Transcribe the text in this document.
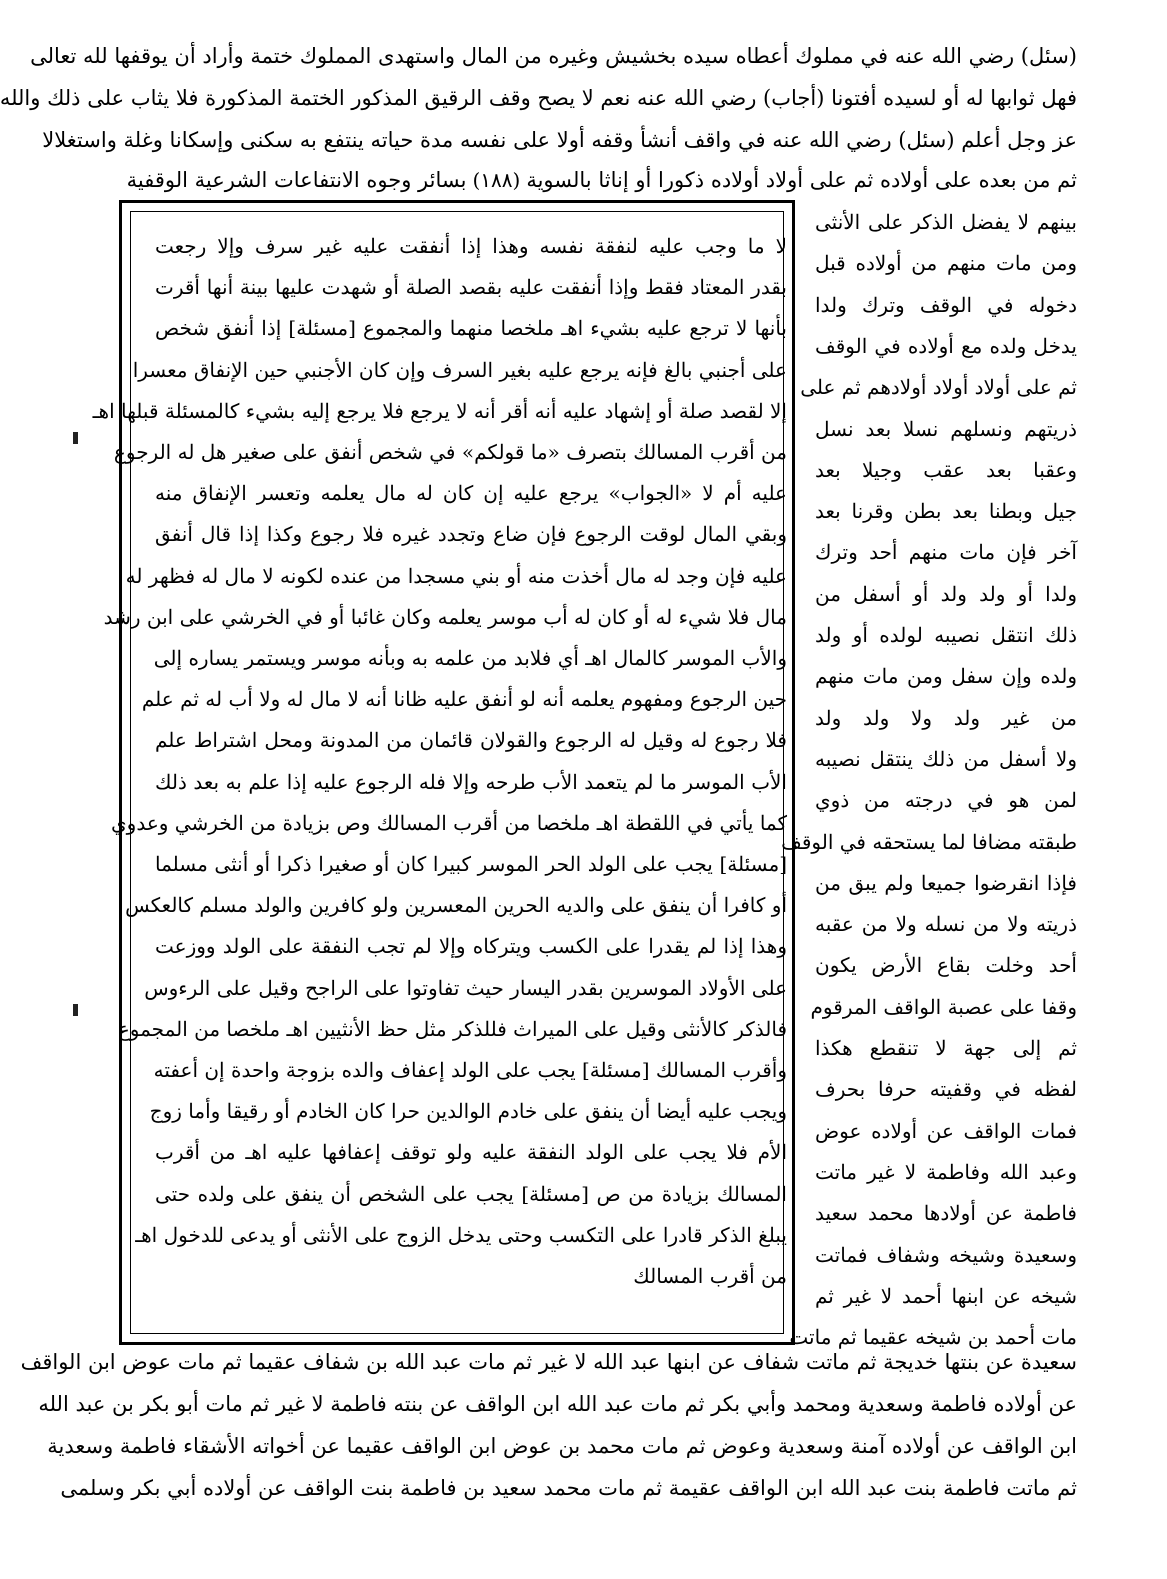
(سئل) رضي الله عنه في مملوك أعطاه سيده بخشيش وغيره من المال واستهدى المملوك ختمة وأراد أن يوقفها لله تعالى

فهل ثوابها له أو لسيده أفتونا (أجاب) رضي الله عنه نعم لا يصح وقف الرقيق المذكور الختمة المذكورة فلا يثاب على ذلك والله

عز وجل أعلم (سئل) رضي الله عنه في واقف أنشأ وقفه أولا على نفسه مدة حياته ينتفع به سكنى وإسكانا وغلة واستغلالا

ثم من بعده على أولاده ثم على أولاد أولاده ذكورا أو إناثا بالسوية
(١٨٨)
بسائر وجوه الانتفاعات الشرعية الوقفية

بينهم لا يفضل الذكر على الأنثى

ومن مات منهم من أولاده قبل

دخوله في الوقف وترك ولدا

يدخل ولده مع أولاده في الوقف

ثم على أولاد أولاد أولادهم ثم على

ذريتهم ونسلهم نسلا بعد نسل

وعقبا بعد عقب وجيلا بعد

جيل وبطنا بعد بطن وقرنا بعد

آخر فإن مات منهم أحد وترك

ولدا أو ولد ولد أو أسفل من

ذلك انتقل نصيبه لولده أو ولد

ولده وإن سفل ومن مات منهم

من غير ولد ولا ولد ولد

ولا أسفل من ذلك ينتقل نصيبه

لمن هو في درجته من ذوي

طبقته مضافا لما يستحقه في الوقف

فإذا انقرضوا جميعا ولم يبق من

ذريته ولا من نسله ولا من عقبه

أحد وخلت بقاع الأرض يكون

وقفا على عصبة الواقف المرقوم

ثم إلى جهة لا تنقطع هكذا

لفظه في وقفيته حرفا بحرف

فمات الواقف عن أولاده عوض

وعبد الله وفاطمة لا غير ماتت

فاطمة عن أولادها محمد سعيد

وسعيدة وشيخه وشفاف فماتت

شيخه عن ابنها أحمد لا غير ثم

مات أحمد بن شيخه عقيما ثم ماتت

لا ما وجب عليه لنفقة نفسه وهذا إذا أنفقت عليه غير سرف وإلا رجعت

بقدر المعتاد فقط وإذا أنفقت عليه بقصد الصلة أو شهدت عليها بينة أنها أقرت

بأنها لا ترجع عليه بشيء اهـ ملخصا منهما والمجموع [مسئلة] إذا أنفق شخص

على أجنبي بالغ فإنه يرجع عليه بغير السرف وإن كان الأجنبي حين الإنفاق معسرا

إلا لقصد صلة أو إشهاد عليه أنه أقر أنه لا يرجع فلا يرجع إليه بشيء كالمسئلة قبلها اهـ

من أقرب المسالك بتصرف «ما قولكم» في شخص أنفق على صغير هل له الرجوع

عليه أم لا «الجواب» يرجع عليه إن كان له مال يعلمه وتعسر الإنفاق منه

وبقي المال لوقت الرجوع فإن ضاع وتجدد غيره فلا رجوع وكذا إذا قال أنفق

عليه فإن وجد له مال أخذت منه أو بني مسجدا من عنده لكونه لا مال له فظهر له

مال فلا شيء له أو كان له أب موسر يعلمه وكان غائبا أو في الخرشي على ابن رشد

والأب الموسر كالمال اهـ أي فلابد من علمه به وبأنه موسر ويستمر يساره إلى

حين الرجوع ومفهوم يعلمه أنه لو أنفق عليه ظانا أنه لا مال له ولا أب له ثم علم

فلا رجوع له وقيل له الرجوع والقولان قائمان من المدونة ومحل اشتراط علم

الأب الموسر ما لم يتعمد الأب طرحه وإلا فله الرجوع عليه إذا علم به بعد ذلك

كما يأتي في اللقطة اهـ ملخصا من أقرب المسالك وص بزيادة من الخرشي وعدوي

[مسئلة] يجب على الولد الحر الموسر كبيرا كان أو صغيرا ذكرا أو أنثى مسلما

أو كافرا أن ينفق على والديه الحرين المعسرين ولو كافرين والولد مسلم كالعكس

وهذا إذا لم يقدرا على الكسب ويتركاه وإلا لم تجب النفقة على الولد ووزعت

على الأولاد الموسرين بقدر اليسار حيث تفاوتوا على الراجح وقيل على الرءوس

فالذكر كالأنثى وقيل على الميراث فللذكر مثل حظ الأنثيين اهـ ملخصا من المجموع

وأقرب المسالك [مسئلة] يجب على الولد إعفاف والده بزوجة واحدة إن أعفته

ويجب عليه أيضا أن ينفق على خادم الوالدين حرا كان الخادم أو رقيقا وأما زوج

الأم فلا يجب على الولد النفقة عليه ولو توقف إعفافها عليه اهـ من أقرب

المسالك بزيادة من ص [مسئلة] يجب على الشخص أن ينفق على ولده حتى

يبلغ الذكر قادرا على التكسب وحتى يدخل الزوج على الأنثى أو يدعى للدخول اهـ

من أقرب المسالك

سعيدة عن بنتها خديجة ثم ماتت شفاف عن ابنها عبد الله لا غير ثم مات عبد الله بن شفاف عقيما ثم مات عوض ابن الواقف

عن أولاده فاطمة وسعدية ومحمد وأبي بكر ثم مات عبد الله ابن الواقف عن بنته فاطمة لا غير ثم مات أبو بكر بن عبد الله

ابن الواقف عن أولاده آمنة وسعدية وعوض ثم مات محمد بن عوض ابن الواقف عقيما عن أخواته الأشقاء فاطمة وسعدية

ثم ماتت فاطمة بنت عبد الله ابن الواقف عقيمة ثم مات محمد سعيد بن فاطمة بنت الواقف عن أولاده أبي بكر وسلمى
